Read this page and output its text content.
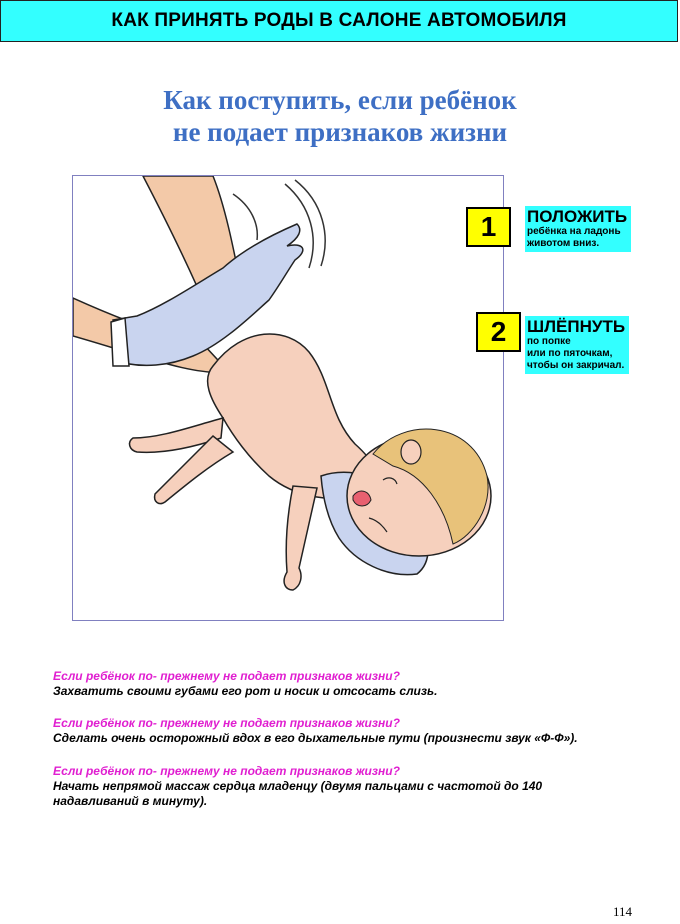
КАК ПРИНЯТЬ РОДЫ В САЛОНЕ АВТОМОБИЛЯ
Как поступить, если ребёнок
не подает признаков жизни
1	ПОЛОЖИТЬ
ребёнка на ладонь
животом вниз.
2	ШЛЁПНУТЬ
по попке
или по пяточкам,
чтобы он закричал.
Если ребёнок по- прежнему не подает признаков жизни?
Захватить своими губами его рот и носик и отсосать слизь.
Если ребёнок по- прежнему не подает признаков жизни?
Сделать очень осторожный вдох в его дыхательные пути (произнести звук «Ф-Ф»).
Если ребёнок по- прежнему не подает признаков жизни?
Начать непрямой массаж сердца младенцу (двумя пальцами с частотой до 140
надавливаний в минуту).
114
